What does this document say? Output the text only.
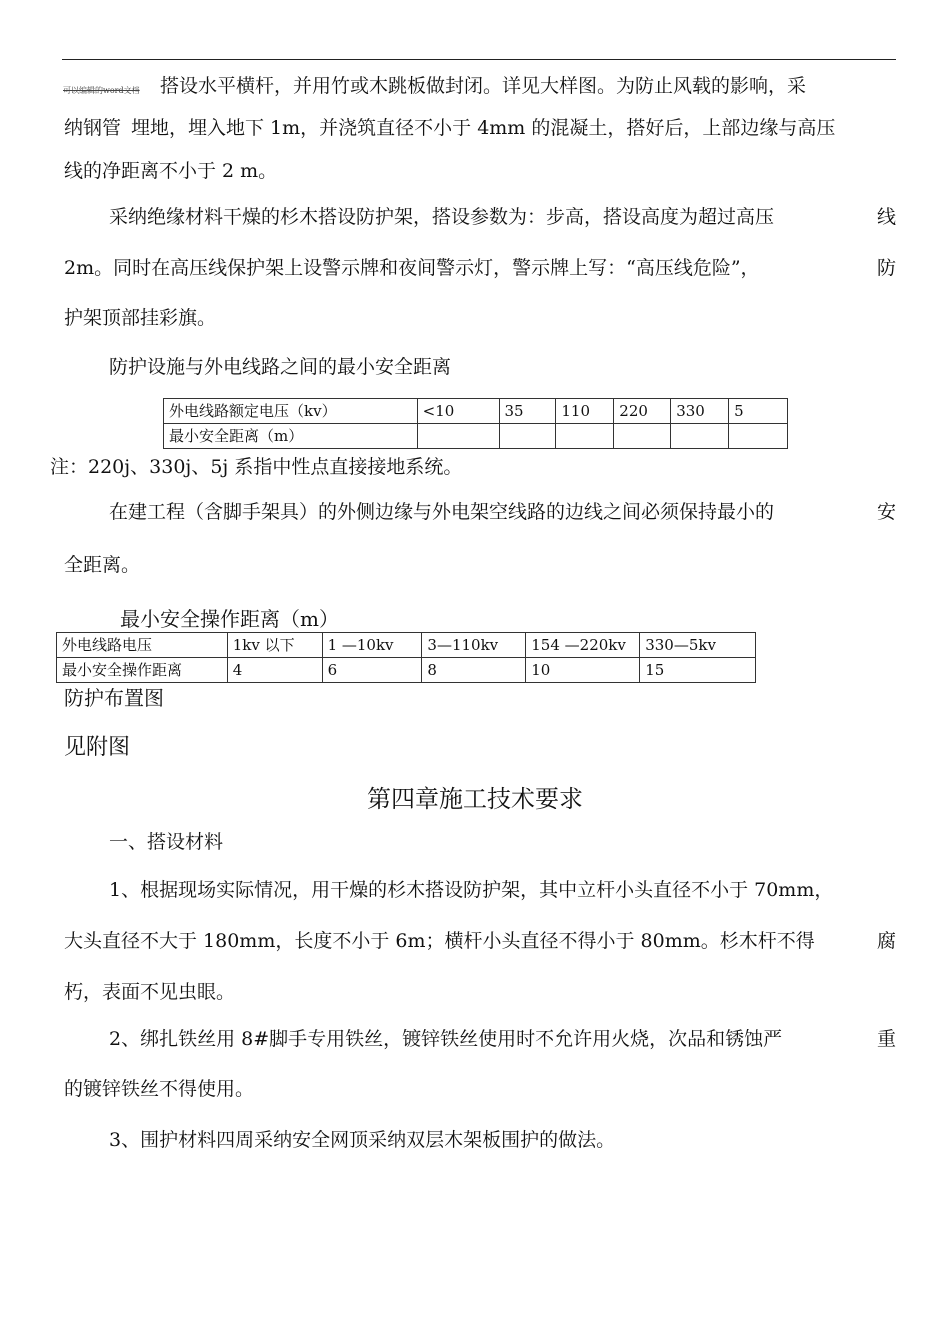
可以编辑的word文档 搭设水平横杆，并用竹或木跳板做封闭。详见大样图。为防止风载的影响，采
纳钢管 埋地，埋入地下 1m，并浇筑直径不小于 4mm 的混凝土，搭好后，上部边缘与高压
线的净距离不小于 2 m。
采纳绝缘材料干燥的杉木搭设防护架，搭设参数为：步高，搭设高度为超过高压	线
2m。同时在高压线保护架上设警示牌和夜间警示灯，警示牌上写：“高压线危险”，	防
护架顶部挂彩旗。
防护设施与外电线路之间的最小安全距离
外电线路额定电压（kv）	<10	35	110	220	330	5
最小安全距离（m）						
注：220j、330j、5j 系指中性点直接接地系统。
在建工程（含脚手架具）的外侧边缘与外电架空线路的边线之间必须保持最小的	安
全距离。
最小安全操作距离（m）
外电线路电压	1kv 以下	1 —10kv	3—110kv	154 —220kv	330—5kv
最小安全操作距离	4	6	8	10	15
防护布置图
见附图
第四章施工技术要求
一、搭设材料
1、根据现场实际情况，用干燥的杉木搭设防护架，其中立杆小头直径不小于 70mm，
大头直径不大于 180mm，长度不小于 6m；横杆小头直径不得小于 80mm。杉木杆不得	腐
朽，表面不见虫眼。
2、绑扎铁丝用 8#脚手专用铁丝，镀锌铁丝使用时不允许用火烧，次品和锈蚀严	重
的镀锌铁丝不得使用。
3、围护材料四周采纳安全网顶采纳双层木架板围护的做法。
